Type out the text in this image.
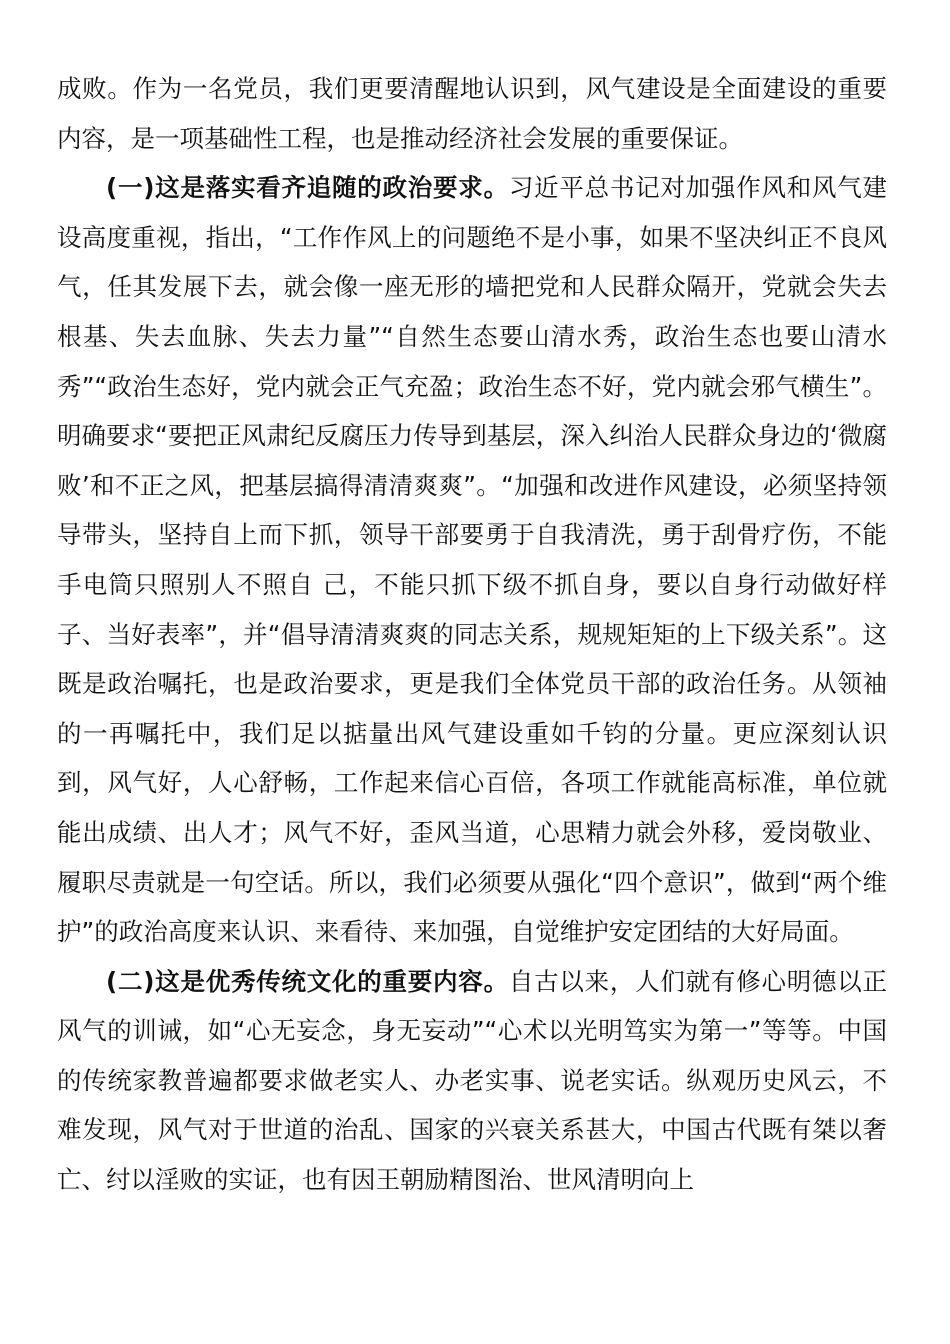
成败。作为一名党员，我们更要清醒地认识到，风气建设是全面建设的重要内容，是一项基础性工程，也是推动经济社会发展的重要保证。

(一)这是落实看齐追随的政治要求。习近平总书记对加强作风和风气建设高度重视，指出，“工作作风上的问题绝不是小事，如果不坚决纠正不良风气，任其发展下去，就会像一座无形的墙把党和人民群众隔开，党就会失去根基、失去血脉、失去力量”“自然生态要山清水秀，政治生态也要山清水秀”“政治生态好，党内就会正气充盈；政治生态不好，党内就会邪气横生”。明确要求“要把正风肃纪反腐压力传导到基层，深入纠治人民群众身边的‘微腐败’和不正之风，把基层搞得清清爽爽”。“加强和改进作风建设，必须坚持领导带头，坚持自上而下抓，领导干部要勇于自我清洗，勇于刮骨疗伤，不能手电筒只照别人不照自 己，不能只抓下级不抓自身，要以自身行动做好样子、当好表率”，并“倡导清清爽爽的同志关系，规规矩矩的上下级关系”。这既是政治嘱托，也是政治要求，更是我们全体党员干部的政治任务。从领袖的一再嘱托中，我们足以掂量出风气建设重如千钧的分量。更应深刻认识到，风气好，人心舒畅，工作起来信心百倍，各项工作就能高标准，单位就能出成绩、出人才；风气不好，歪风当道，心思精力就会外移，爱岗敬业、履职尽责就是一句空话。所以，我们必须要从强化“四个意识”，做到“两个维护”的政治高度来认识、来看待、来加强，自觉维护安定团结的大好局面。

(二)这是优秀传统文化的重要内容。自古以来，人们就有修心明德以正风气的训诫，如“心无妄念，身无妄动”“心术以光明笃实为第一”等等。中国的传统家教普遍都要求做老实人、办老实事、说老实话。纵观历史风云，不难发现，风气对于世道的治乱、国家的兴衰关系甚大，中国古代既有桀以奢亡、纣以淫败的实证，也有因王朝励精图治、世风清明向上
